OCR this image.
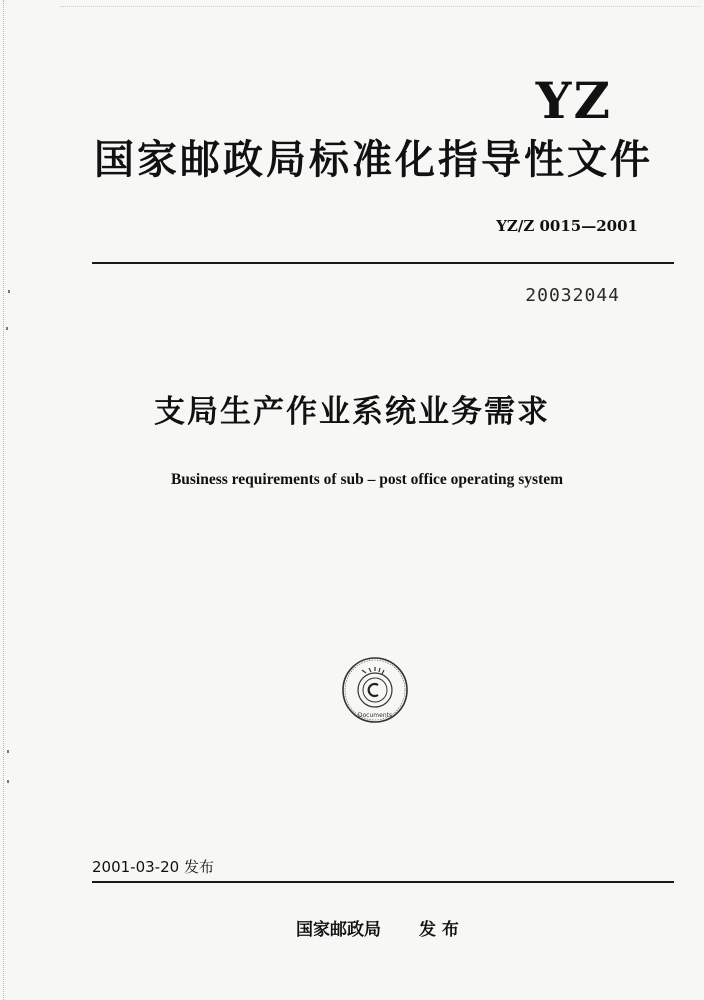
YZ
国家邮政局标准化指导性文件
YZ/Z 0015—2001
20032044
支局生产作业系统业务需求
Business requirements of sub – post office operating system
Documents
2001-03-20 发布
国家邮政局 发 布
